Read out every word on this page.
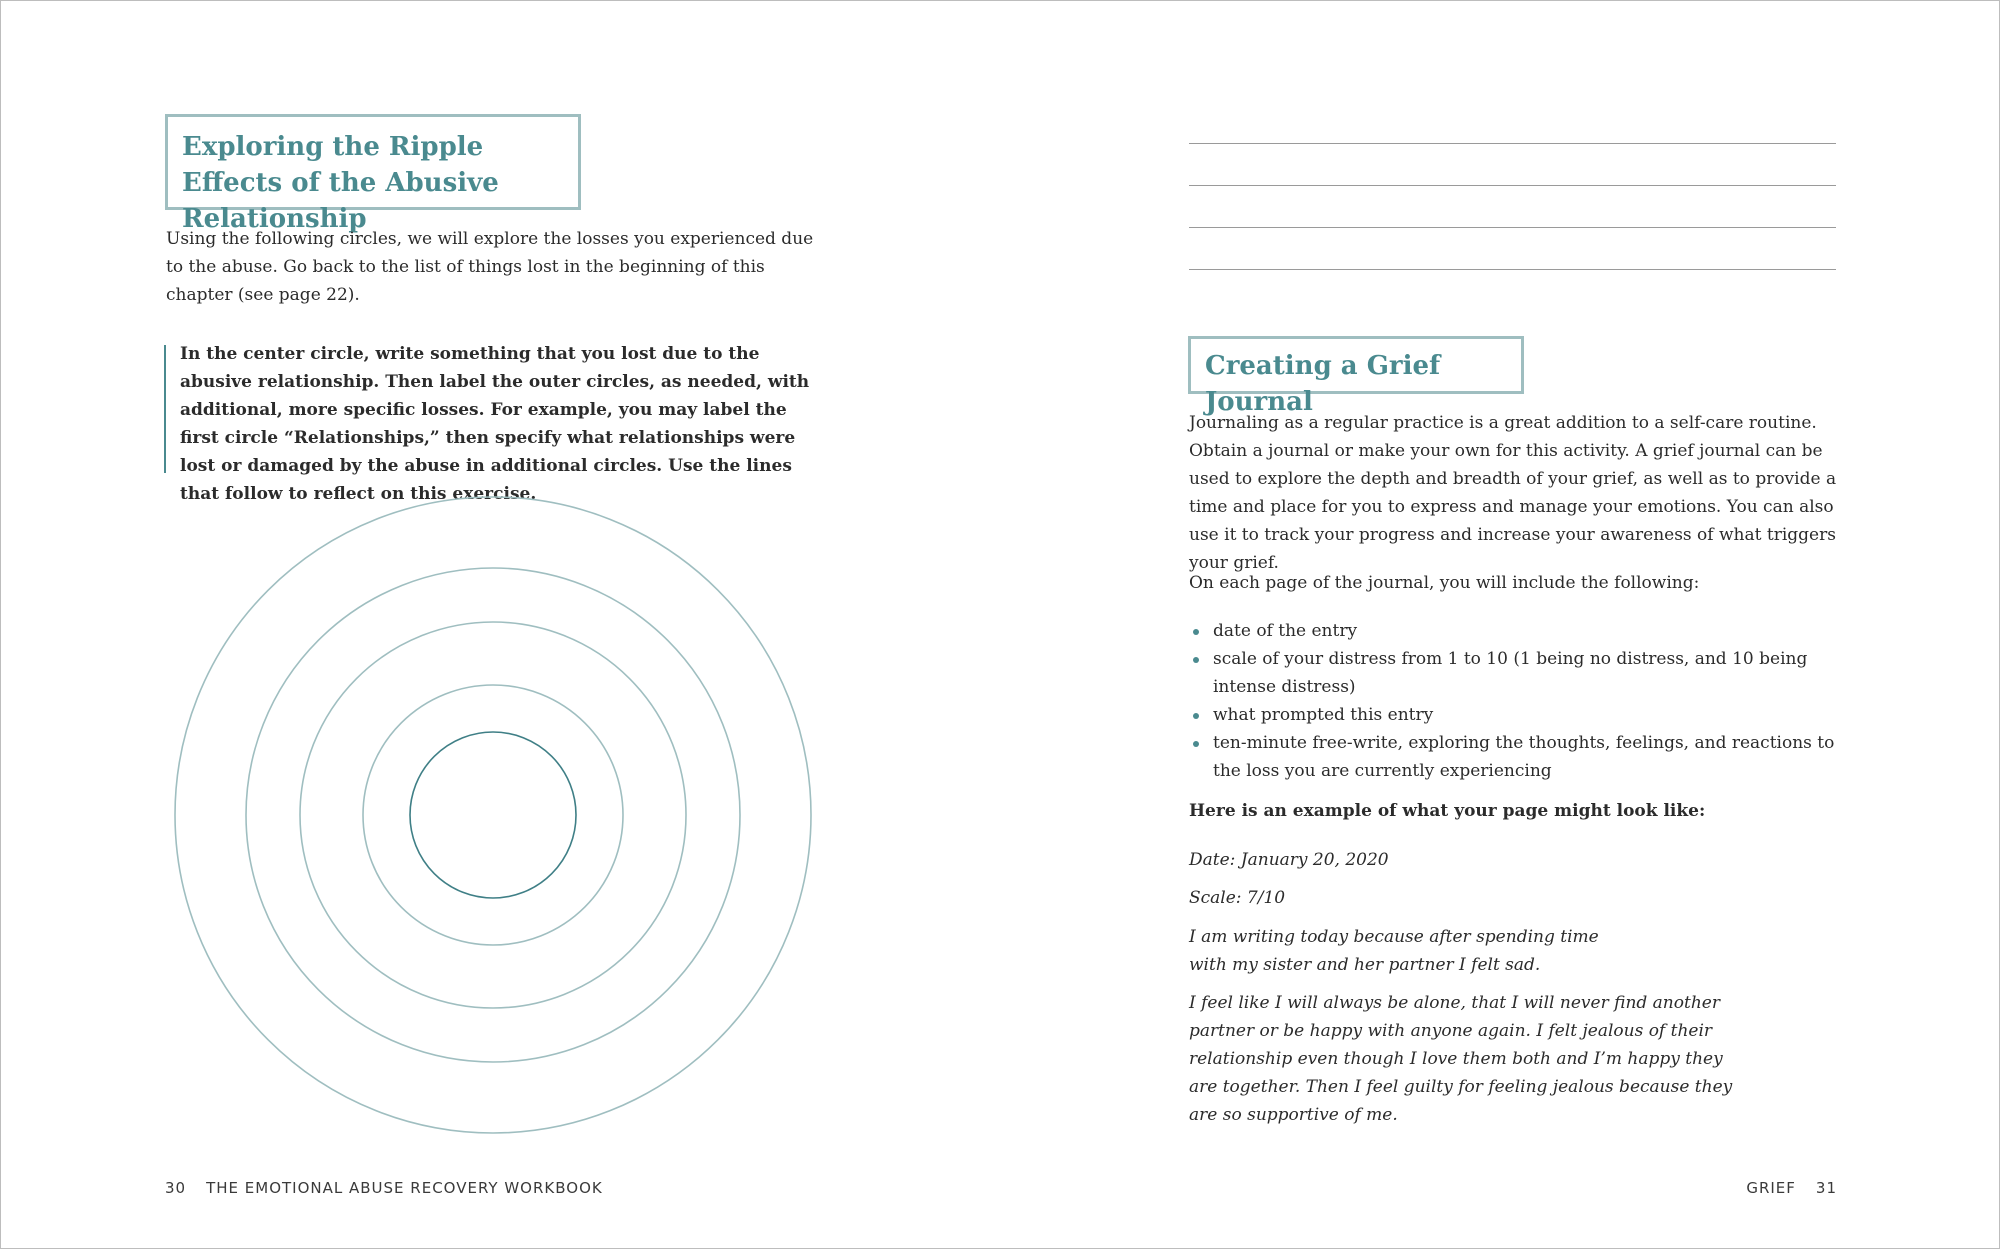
Exploring the Ripple Effects of the Abusive Relationship
Using the following circles, we will explore the losses you experienced due to the abuse. Go back to the list of things lost in the beginning of this chapter (see page 22).
In the center circle, write something that you lost due to the abusive relationship. Then label the outer circles, as needed, with additional, more specific losses. For example, you may label the first circle “Relationships,” then specify what relationships were lost or damaged by the abuse in additional circles. Use the lines that follow to reflect on this exercise.
30 THE EMOTIONAL ABUSE RECOVERY WORKBOOK
Creating a Grief Journal
Journaling as a regular practice is a great addition to a self-care routine. Obtain a journal or make your own for this activity. A grief journal can be used to explore the depth and breadth of your grief, as well as to provide a time and place for you to express and manage your emotions. You can also use it to track your progress and increase your awareness of what triggers your grief.
On each page of the journal, you will include the following:
date of the entry
scale of your distress from 1 to 10 (1 being no distress, and 10 being intense distress)
what prompted this entry
ten-minute free-write, exploring the thoughts, feelings, and reactions to the loss you are currently experiencing
Here is an example of what your page might look like:
Date: January 20, 2020
Scale: 7/10
I am writing today because after spending time with my sister and her partner I felt sad.
I feel like I will always be alone, that I will never find another partner or be happy with anyone again. I felt jealous of their relationship even though I love them both and I’m happy they are together. Then I feel guilty for feeling jealous because they are so supportive of me.
GRIEF 31
